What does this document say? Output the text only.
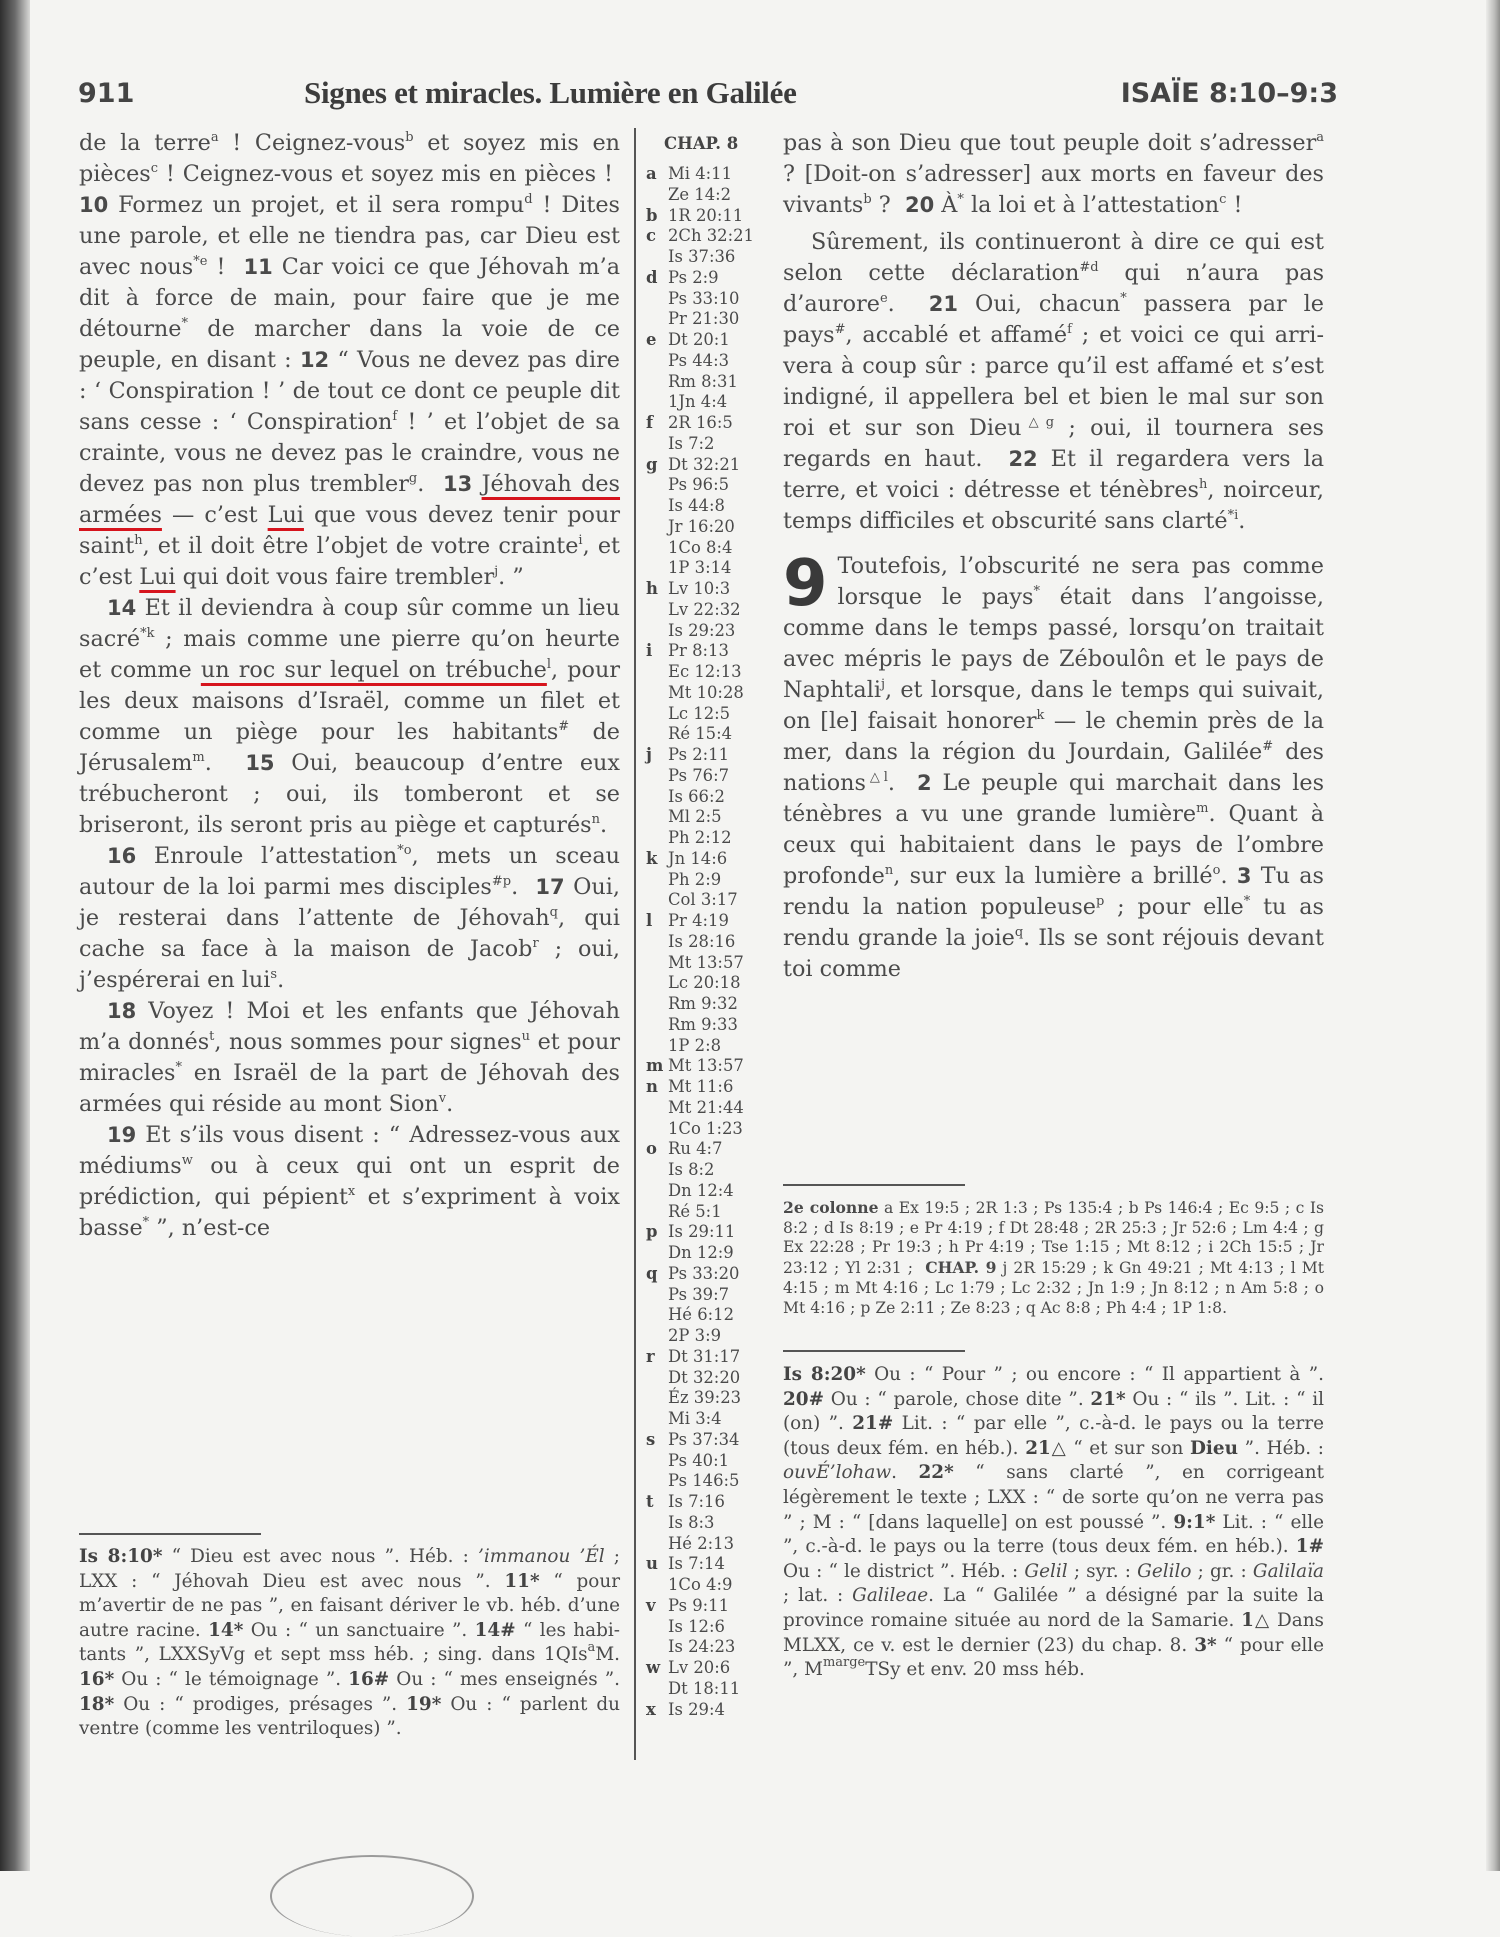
911	Signes et miracles. Lumière en Galilée	ISAÏE 8:10–9:3

de la terre$^a$ ! Ceignez-vous$^b$ et soyez mis en pièces$^c$ ! Ceignez-vous et soyez mis en pièces !  10 Formez un projet, et il sera rompu$^d$ ! Dites une parole, et elle ne tiendra pas, car Dieu est avec nous$^{*e}$ ! 11 Car voici ce que Jéhovah m’a dit à force de main, pour faire que je me détourne* de marcher dans la voie de ce peuple, en disant : 12 “ Vous ne devez pas dire : ‘ Conspiration ! ’ de tout ce dont ce peuple dit sans cesse : ‘ Conspiration$^f$ ! ’ et l’objet de sa crainte, vous ne devez pas le craindre, vous ne devez pas non plus trembler$^g$. 13 Jéhovah des armées — c’est Lui que vous devez tenir pour saint$^h$, et il doit être l’objet de votre crainte$^i$, et c’est Lui qui doit vous faire trembler$^j$. ”

14 Et il deviendra à coup sûr comme un lieu sacré$^{*k}$ ; mais comme une pierre qu’on heurte et comme un roc sur lequel on trébuche$^l$, pour les deux maisons d’Israël, comme un filet et comme un piège pour les habitants# de Jérusalem$^m$. 15 Oui, beaucoup d’entre eux trébucheront ; oui, ils tomberont et se briseront, ils seront pris au piège et capturés$^n$.

16 Enroule l’attestation$^{*o}$, mets un sceau autour de la loi parmi mes disciples$^{\#p}$. 17 Oui, je resterai dans l’attente de Jéhovah$^q$, qui cache sa face à la maison de Jacob$^r$ ; oui, j’espérerai en lui$^s$.

18 Voyez ! Moi et les enfants que Jéhovah m’a donnés$^t$, nous sommes pour signes$^u$ et pour miracles* en Israël de la part de Jéhovah des armées qui réside au mont Sion$^v$.

19 Et s’ils vous disent : “ Adressez-vous aux médiums$^w$ ou à ceux qui ont un esprit de prédiction, qui pépient$^x$ et s’expriment à voix basse* ”, n’est-ce

CHAP. 8
a Mi 4:11
Ze 14:2
b 1R 20:11
c 2Ch 32:21
Is 37:36
d Ps 2:9
Ps 33:10
Pr 21:30
e Dt 20:1
Ps 44:3
Rm 8:31
1Jn 4:4
f 2R 16:5
Is 7:2
g Dt 32:21
Ps 96:5
Is 44:8
Jr 16:20
1Co 8:4
1P 3:14
h Lv 10:3
Lv 22:32
Is 29:23
i Pr 8:13
Ec 12:13
Mt 10:28
Lc 12:5
Ré 15:4
j Ps 2:11
Ps 76:7
Is 66:2
Ml 2:5
Ph 2:12
k Jn 14:6
Ph 2:9
Col 3:17
l Pr 4:19
Is 28:16
Mt 13:57
Lc 20:18
Rm 9:32
Rm 9:33
1P 2:8
m Mt 13:57
n Mt 11:6
Mt 21:44
1Co 1:23
o Ru 4:7
Is 8:2
Dn 12:4
Ré 5:1
p Is 29:11
Dn 12:9
q Ps 33:20
Ps 39:7
Hé 6:12
2P 3:9
r Dt 31:17
Dt 32:20
Éz 39:23
Mi 3:4
s Ps 37:34
Ps 40:1
Ps 146:5
t Is 7:16
Is 8:3
Hé 2:13
u Is 7:14
1Co 4:9
v Ps 9:11
Is 12:6
Is 24:23
w Lv 20:6
Dt 18:11
x Is 29:4

pas à son Dieu que tout peuple doit s’adresser$^a$ ? [Doit-on s’adresser] aux morts en faveur des vivants$^b$ ? 20 À* la loi et à l’attestation$^c$ !

Sûrement, ils continueront à dire ce qui est selon cette déclaration$^{\#d}$ qui n’aura pas d’aurore$^e$. 21 Oui, chacun* passera par le pays#, accablé et affamé$^f$ ; et voici ce qui arrivera à coup sûr : parce qu’il est affamé et s’est indigné, il appellera bel et bien le mal sur son roi et sur son Dieu$^{\triangle g}$ ; oui, il tournera ses regards en haut. 22 Et il regardera vers la terre, et voici : détresse et ténèbres$^h$, noirceur, temps difficiles et obscurité sans clarté$^{*i}$.

9 Toutefois, l’obscurité ne sera pas comme lorsque le pays* était dans l’angoisse, comme dans le temps passé, lorsqu’on traitait avec mépris le pays de Zéboulôn et le pays de Naphtali$^j$, et lorsque, dans le temps qui suivait, on [le] faisait honorer$^k$ — le chemin près de la mer, dans la région du Jourdain, Galilée# des nations$^{\triangle l}$. 2 Le peuple qui marchait dans les ténèbres a vu une grande lumière$^m$. Quant à ceux qui habitaient dans le pays de l’ombre profonde$^n$, sur eux la lumière a brillé$^o$. 3 Tu as rendu la nation populeuse$^p$ ; pour elle* tu as rendu grande la joie$^q$. Ils se sont réjouis devant toi comme

2e colonne a Ex 19:5 ; 2R 1:3 ; Ps 135:4 ; b Ps 146:4 ; Ec 9:5 ; c Is 8:2 ; d Is 8:19 ; e Pr 4:19 ; f Dt 28:48 ; 2R 25:3 ; Jr 52:6 ; Lm 4:4 ; g Ex 22:28 ; Pr 19:3 ; h Pr 4:19 ; Tse 1:15 ; Mt 8:12 ; i 2Ch 15:5 ; Jr 23:12 ; Yl 2:31 ; CHAP. 9 j 2R 15:29 ; k Gn 49:21 ; Mt 4:13 ; l Mt 4:15 ; m Mt 4:16 ; Lc 1:79 ; Lc 2:32 ; Jn 1:9 ; Jn 8:12 ; n Am 5:8 ; o Mt 4:16 ; p Ze 2:11 ; Ze 8:23 ; q Ac 8:8 ; Ph 4:4 ; 1P 1:8.
Is 8:10* “ Dieu est avec nous ”. Héb. : ’immanou ’Él ; LXX : “ Jéhovah Dieu est avec nous ”. 11* “ pour m’avertir de ne pas ”, en faisant dériver le vb. héb. d’une autre racine. 14* Ou : “ un sanctuaire ”. 14# “ les habitants ”, LXXSyVg et sept mss héb. ; sing. dans 1QIs$^a$M. 16* Ou : “ le témoignage ”. 16# Ou : “ mes enseignés ”. 18* Ou : “ prodiges, présages ”. 19* Ou : “ parlent du ventre (comme les ventriloques) ”.
Is 8:20* Ou : “ Pour ” ; ou encore : “ Il appartient à ”. 20# Ou : “ parole, chose dite ”. 21* Ou : “ ils ”. Lit. : “ il (on) ”. 21# Lit. : “ par elle ”, c.-à-d. le pays ou la terre (tous deux fém. en héb.). 21△ “ et sur son Dieu ”. Héb. : ouvÉ’lohaw. 22* “ sans clarté ”, en corrigeant légèrement le texte ; LXX : “ de sorte qu’on ne verra pas ” ; M : “ [dans laquelle] on est poussé ”. 9:1* Lit. : “ elle ”, c.-à-d. le pays ou la terre (tous deux fém. en héb.). 1# Ou : “ le district ”. Héb. : Gelil ; syr. : Gelilo ; gr. : Galilaïa ; lat. : Galileae. La “ Galilée ” a désigné par la suite la province romaine située au nord de la Samarie. 1△ Dans MLXX, ce v. est le dernier (23) du chap. 8. 3* “ pour elle ”, $M^{marge}TSy$ et env. 20 mss héb.
